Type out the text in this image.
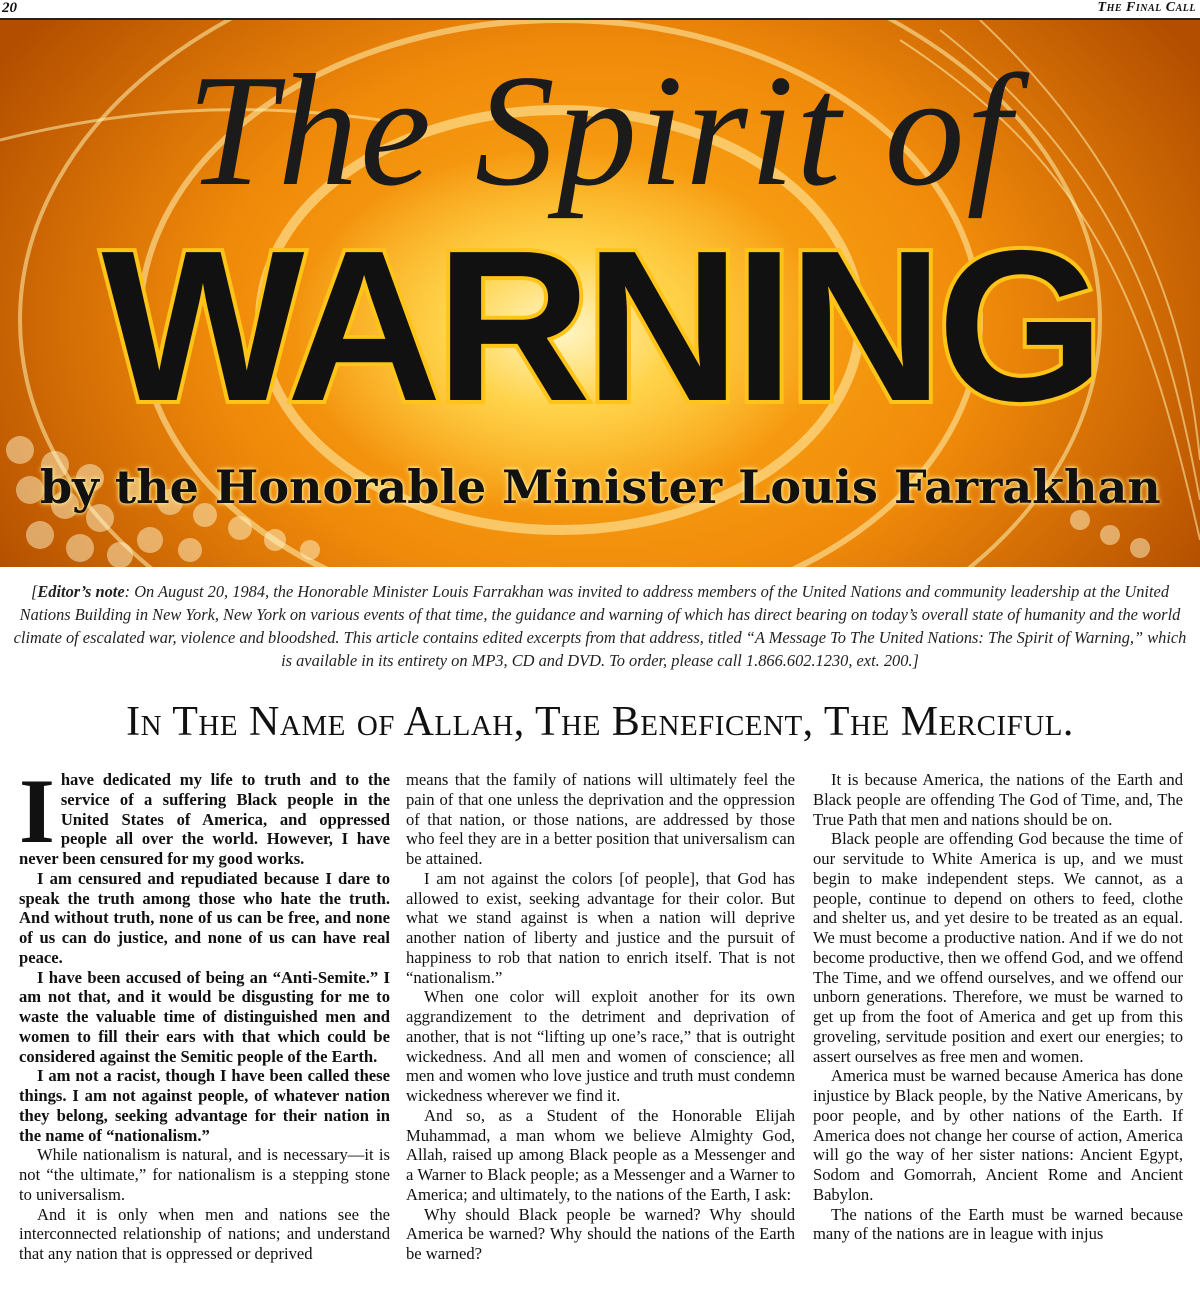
20	The Final Call
The Spirit of
WARNING
by the Honorable Minister Louis Farrakhan
[Editor’s note: On August 20, 1984, the Honorable Minister Louis Farrakhan was invited to address members of the United Nations and community leadership at the United Nations Building in New York, New York on various events of that time, the guidance and warning of which has direct bearing on today’s overall state of humanity and the world climate of escalated war, violence and bloodshed. This article contains edited excerpts from that address, titled “A Message To The United Nations: The Spirit of Warning,” which is available in its entirety on MP3, CD and DVD. To order, please call 1.866.602.1230, ext. 200.]
In The Name of Allah, The Beneficent, The Merciful.

Ihave dedicated my life to truth and to the service of a suffering Black people in the United States of America, and oppressed people all over the world. However, I have never been censured for my good works.

I am censured and repudiated because I dare to speak the truth among those who hate the truth. And without truth, none of us can be free, and none of us can do justice, and none of us can have real peace.

I have been accused of being an “Anti-Semite.” I am not that, and it would be disgusting for me to waste the valuable time of distinguished men and women to fill their ears with that which could be considered against the Semitic people of the Earth.

I am not a racist, though I have been called these things. I am not against people, of whatever nation they belong, seeking advantage for their nation in the name of “nationalism.”

While nationalism is natural, and is necessary—it is not “the ultimate,” for nationalism is a stepping stone to universalism.

And it is only when men and nations see the interconnected relationship of nations; and understand that any nation that is oppressed or deprived

means that the family of nations will ultimately feel the pain of that one unless the deprivation and the oppression of that nation, or those nations, are addressed by those who feel they are in a better position that universalism can be attained.

I am not against the colors [of people], that God has allowed to exist, seeking advantage for their color. But what we stand against is when a nation will deprive another nation of liberty and justice and the pursuit of happiness to rob that nation to enrich itself. That is not “nationalism.”

When one color will exploit another for its own aggrandizement to the detriment and deprivation of another, that is not “lifting up one’s race,” that is outright wickedness. And all men and women of conscience; all men and women who love justice and truth must condemn wickedness wherever we find it.

And so, as a Student of the Honorable Elijah Muhammad, a man whom we believe Almighty God, Allah, raised up among Black people as a Messenger and a Warner to Black people; as a Messenger and a Warner to America; and ultimately, to the nations of the Earth, I ask:

Why should Black people be warned? Why should America be warned? Why should the nations of the Earth be warned?

It is because America, the nations of the Earth and Black people are offending The God of Time, and, The True Path that men and nations should be on.

Black people are offending God because the time of our servitude to White America is up, and we must begin to make independent steps. We cannot, as a people, continue to depend on others to feed, clothe and shelter us, and yet desire to be treated as an equal. We must become a productive nation. And if we do not become productive, then we offend God, and we offend The Time, and we offend ourselves, and we offend our unborn generations. Therefore, we must be warned to get up from the foot of America and get up from this groveling, servitude position and exert our energies; to assert ourselves as free men and women.

America must be warned because America has done injustice by Black people, by the Native Americans, by poor people, and by other nations of the Earth. If America does not change her course of action, America will go the way of her sister nations: Ancient Egypt, Sodom and Gomorrah, Ancient Rome and Ancient Babylon.

The nations of the Earth must be warned because many of the nations are in league with injus
